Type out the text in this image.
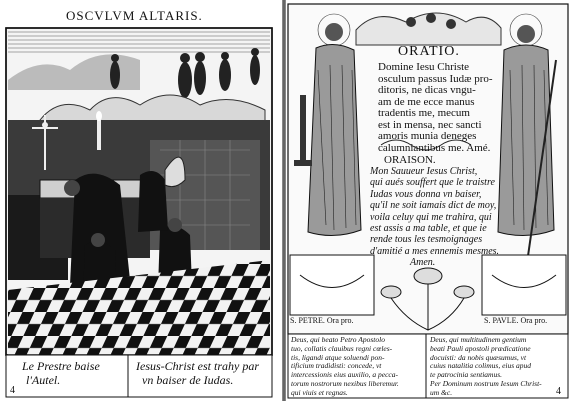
OSCVLVM ALTARIS.
Le Prestre baise
l'Autel.
Iesus-Christ est trahy par
vn baiser de Iudas.
4
ORATIO.
Domine Iesu Christe
osculum passus Iudæ pro-
ditoris, ne dicas vngu-
am de me ecce manus
tradentis me, mecum
est in mensa, nec sancti
amoris munia deneges
calumniantibus me. Amé.
ORAISON.
Mon Sauueur Iesus Christ,
qui aués souffert que le traistre
Iudas vous donna vn baiser,
qu'il ne soit iamais dict de moy,
voila celuy qui me trahira, qui
est assis a ma table, et que ie
rende tous les tesmoignages
d'amitié a mes ennemis mesmes.
Amen.
S. PETRE. Ora pro.	S. PAVLE. Ora pro.
Deus, qui beato Petro Apostolo
tuo, collatis clauibus regni cœles-
tis, ligandi atque soluendi pon-
tificium tradidisti: concede, vt
intercessionis eius auxilio, a pecca-
torum nostrorum nexibus liberemur.
qui viuis et regnas.
Deus, qui multitudinem gentium
beati Pauli apostoli prædicatione
docuisti: da nobis quæsumus, vt
cuius natalitia colimus, eius apud
te patrocinia sentiamus.
Per Dominum nostrum Iesum Christ-
um &c.	4
